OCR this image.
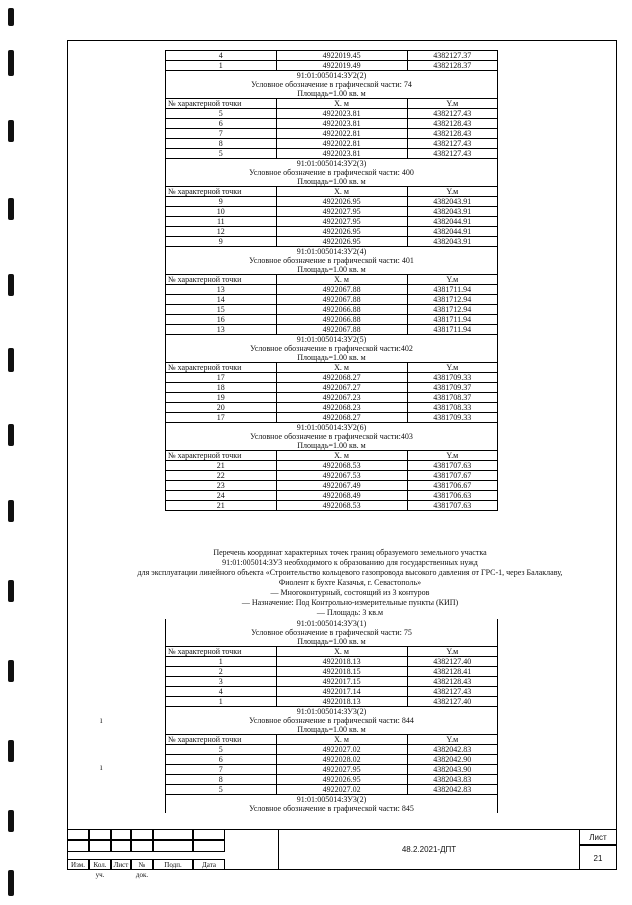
ı
ı
4	4922019.45	4382127.37
1	4922019.49	4382128.37
91:01:005014:ЗУ2(2)		
Условное обозначение в графической части: 74		
Площадь=1.00 кв. м		
№ характерной точки	X. м	Y.м
5	4922023.81	4382127.43
6	4922023.81	4382128.43
7	4922022.81	4382128.43
8	4922022.81	4382127.43
5	4922023.81	4382127.43
91:01:005014:ЗУ2(3)		
Условное обозначение в графической части: 400		
Площадь=1.00 кв. м		
№ характерной точки	X. м	Y.м
9	4922026.95	4382043.91
10	4922027.95	4382043.91
11	4922027.95	4382044.91
12	4922026.95	4382044.91
9	4922026.95	4382043.91
91:01:005014:ЗУ2(4)		
Условное обозначение в графической части: 401		
Площадь=1.00 кв. м		
№ характерной точки	X. м	Y.м
13	4922067.88	4381711.94
14	4922067.88	4381712.94
15	4922066.88	4381712.94
16	4922066.88	4381711.94
13	4922067.88	4381711.94
91:01:005014:ЗУ2(5)		
Условное обозначение в графической части:402		
Площадь=1.00 кв. м		
№ характерной точки	X. м	Y.м
17	4922068.27	4381709.33
18	4922067.27	4381709.37
19	4922067.23	4381708.37
20	4922068.23	4381708.33
17	4922068.27	4381709.33
91:01:005014:ЗУ2(6)		
Условное обозначение в графической части:403		
Площадь=1.00 кв. м		
№ характерной точки	X. м	Y.м
21	4922068.53	4381707.63
22	4922067.53	4381707.67
23	4922067.49	4381706.67
24	4922068.49	4381706.63
21	4922068.53	4381707.63
Перечень координат характерных точек границ образуемого земельного участка
91:01:005014:ЗУ3 необходимого к образованию для государственных нужд
для эксплуатации линейного объекта «Строительство кольцевого газопровода высокого давления от ГРС-1, через Балаклаву,
Фиолент к бухте Казачья, г. Севастополь»
— Многоконтурный, состоящий из 3 контуров
— Назначение: Под Контрольно-измерительные пункты (КИП)
— Площадь: 3 кв.м
91:01:005014:ЗУ3(1)		
Условное обозначение в графической части: 75		
Площадь=1.00 кв. м		
№ характерной точки	X. м	Y.м
1	4922018.13	4382127.40
2	4922018.15	4382128.41
3	4922017.15	4382128.43
4	4922017.14	4382127.43
1	4922018.13	4382127.40
91:01:005014:ЗУ3(2)		
Условное обозначение в графической части: 844		
Площадь=1.00 кв. м		
№ характерной точки	X. м	Y.м
5	4922027.02	4382042.83
6	4922028.02	4382042.90
7	4922027.95	4382043.90
8	4922026.95	4382043.83
5	4922027.02	4382042.83
91:01:005014:ЗУ3(2)		
Условное обозначение в графической части: 845		
Изм.	Кол. уч.
Лист	№ док.
Подп.	Дата
48.2.2021-ДПТ
Лист
21
